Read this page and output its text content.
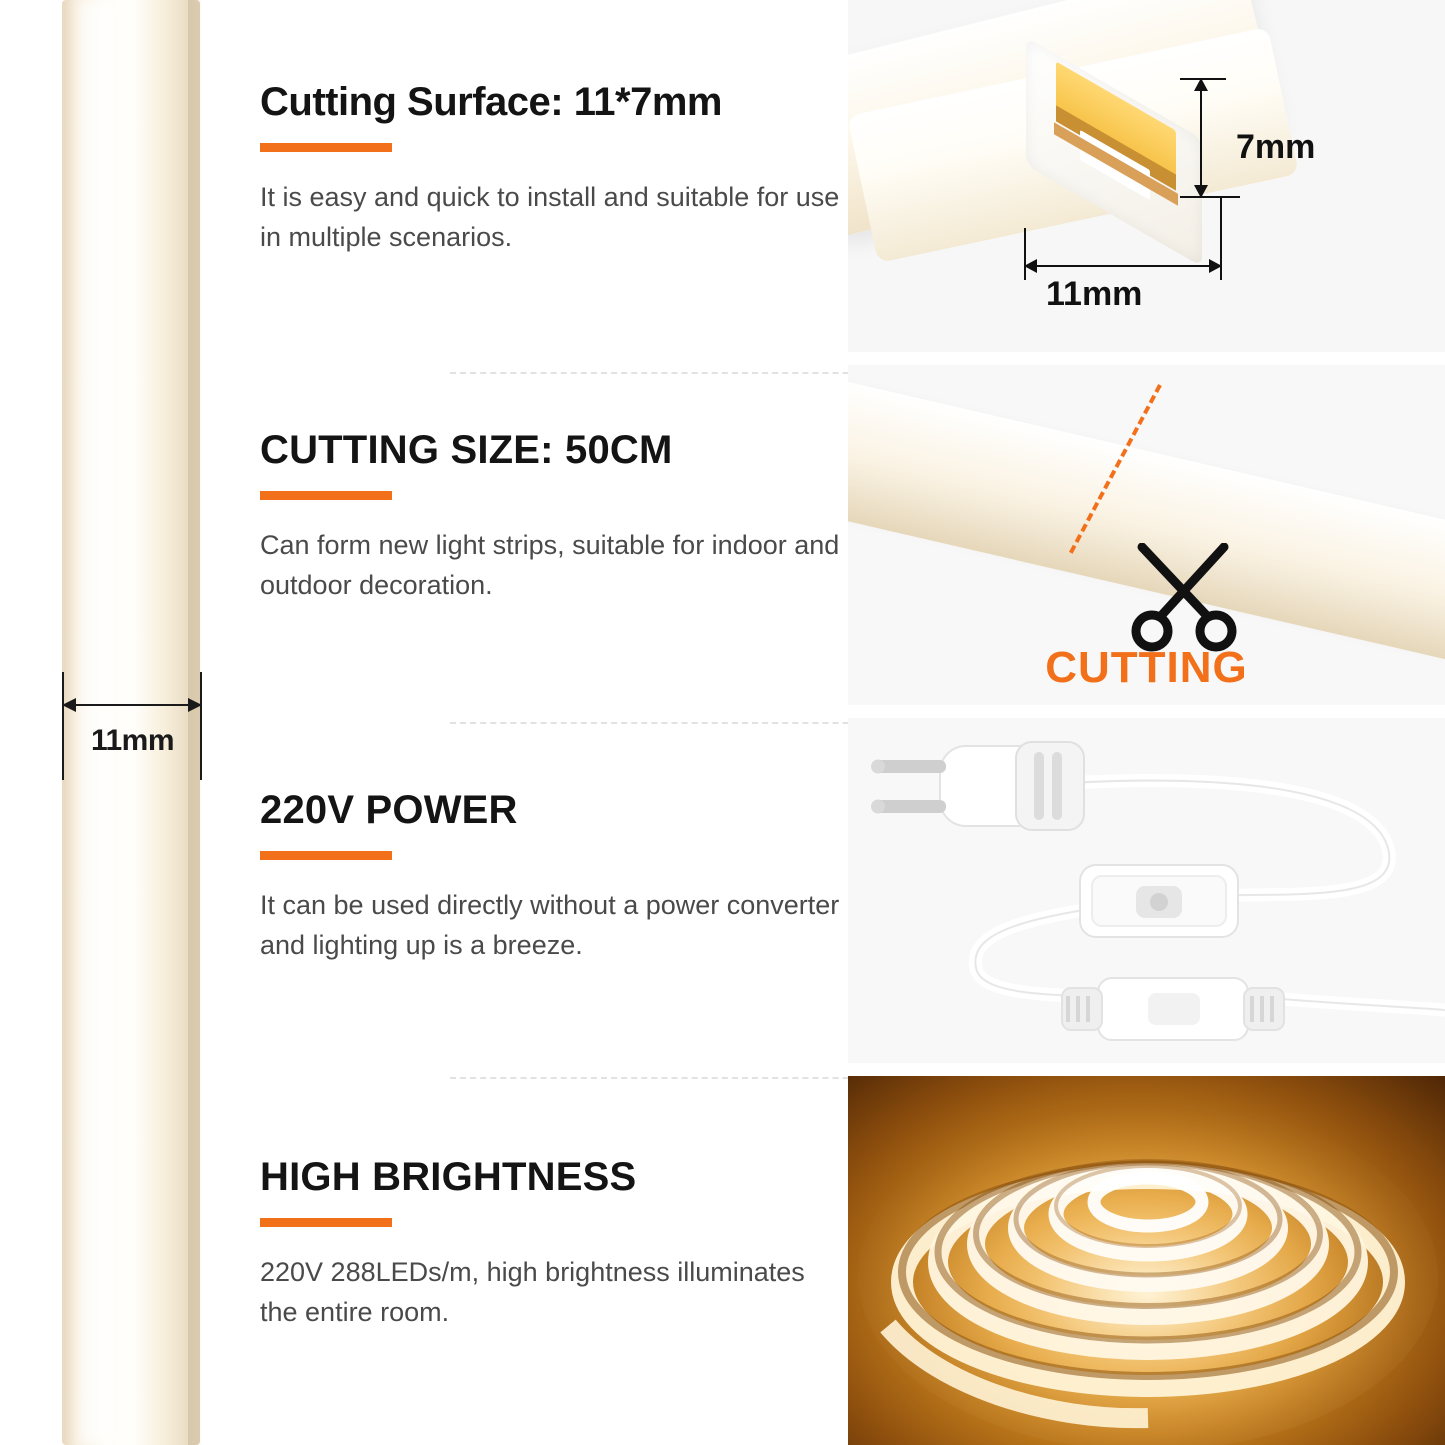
11mm
Cutting Surface: 11*7mm

It is easy and quick to install and suitable for use in multiple scenarios.

CUTTING SIZE: 50CM

Can form new light strips, suitable for indoor and outdoor decoration.

220V POWER

It can be used directly without a power converter and lighting up is a breeze.

HIGH BRIGHTNESS

220V 288LEDs/m, high brightness illuminates the entire room.

7mm
11mm
CUTTING
